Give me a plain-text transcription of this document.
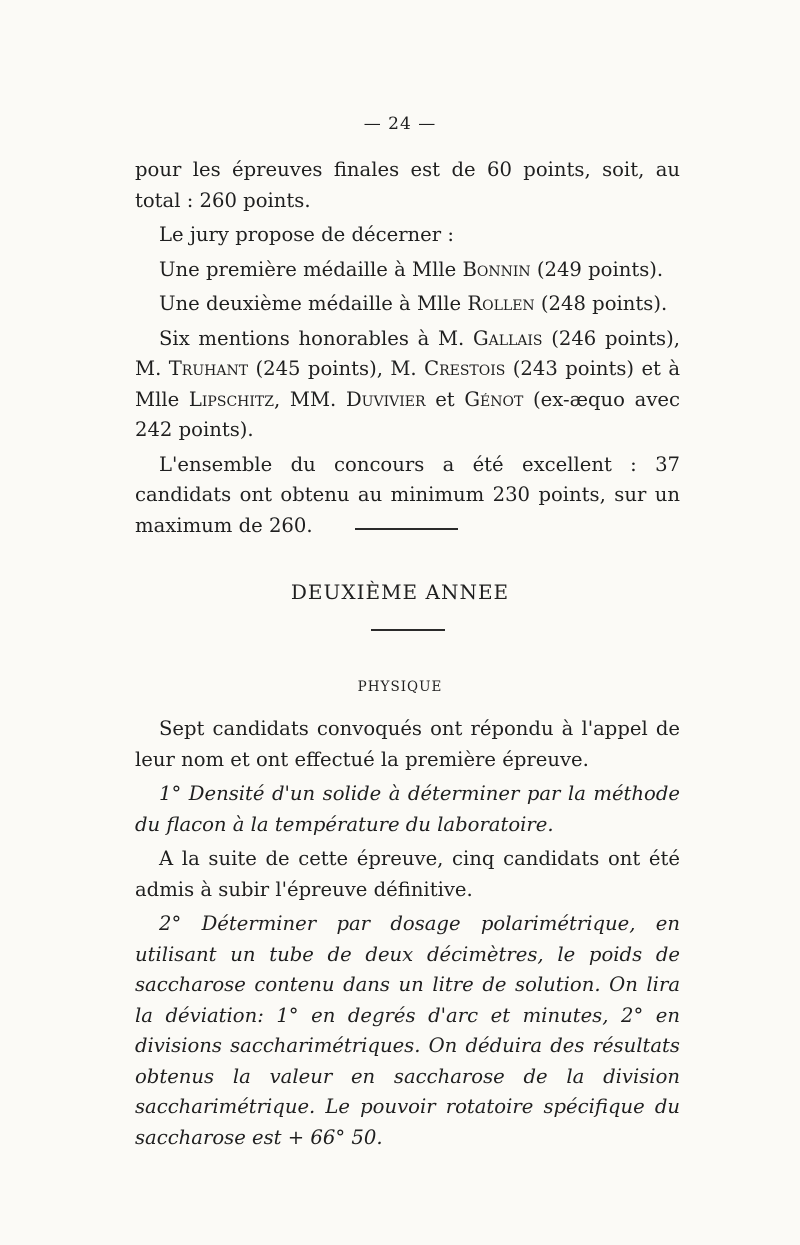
— 24 —

pour les épreuves finales est de 60 points, soit, au total : 260 points.

Le jury propose de décerner :

Une première médaille à Mlle Bonnin (249 points).

Une deuxième médaille à Mlle Rollen (248 points).

Six mentions honorables à M. Gallais (246 points), M. Truhant (245 points), M. Crestois (243 points) et à Mlle Lipschitz, MM. Duvivier et Génot (ex-æquo avec 242 points).

L'ensemble du concours a été excellent : 37 candidats ont obtenu au minimum 230 points, sur un maximum de 260.

DEUXIÈME ANNEE
PHYSIQUE

Sept candidats convoqués ont répondu à l'appel de leur nom et ont effectué la première épreuve.

1° Densité d'un solide à déterminer par la méthode du flacon à la température du laboratoire.

A la suite de cette épreuve, cinq candidats ont été admis à subir l'épreuve définitive.

2° Déterminer par dosage polarimétrique, en utilisant un tube de deux décimètres, le poids de saccharose contenu dans un litre de solution. On lira la déviation: 1° en degrés d'arc et minutes, 2° en divisions saccharimétriques. On déduira des résultats obtenus la valeur en saccharose de la division saccharimétrique. Le pouvoir rotatoire spécifique du saccharose est + 66° 50.
